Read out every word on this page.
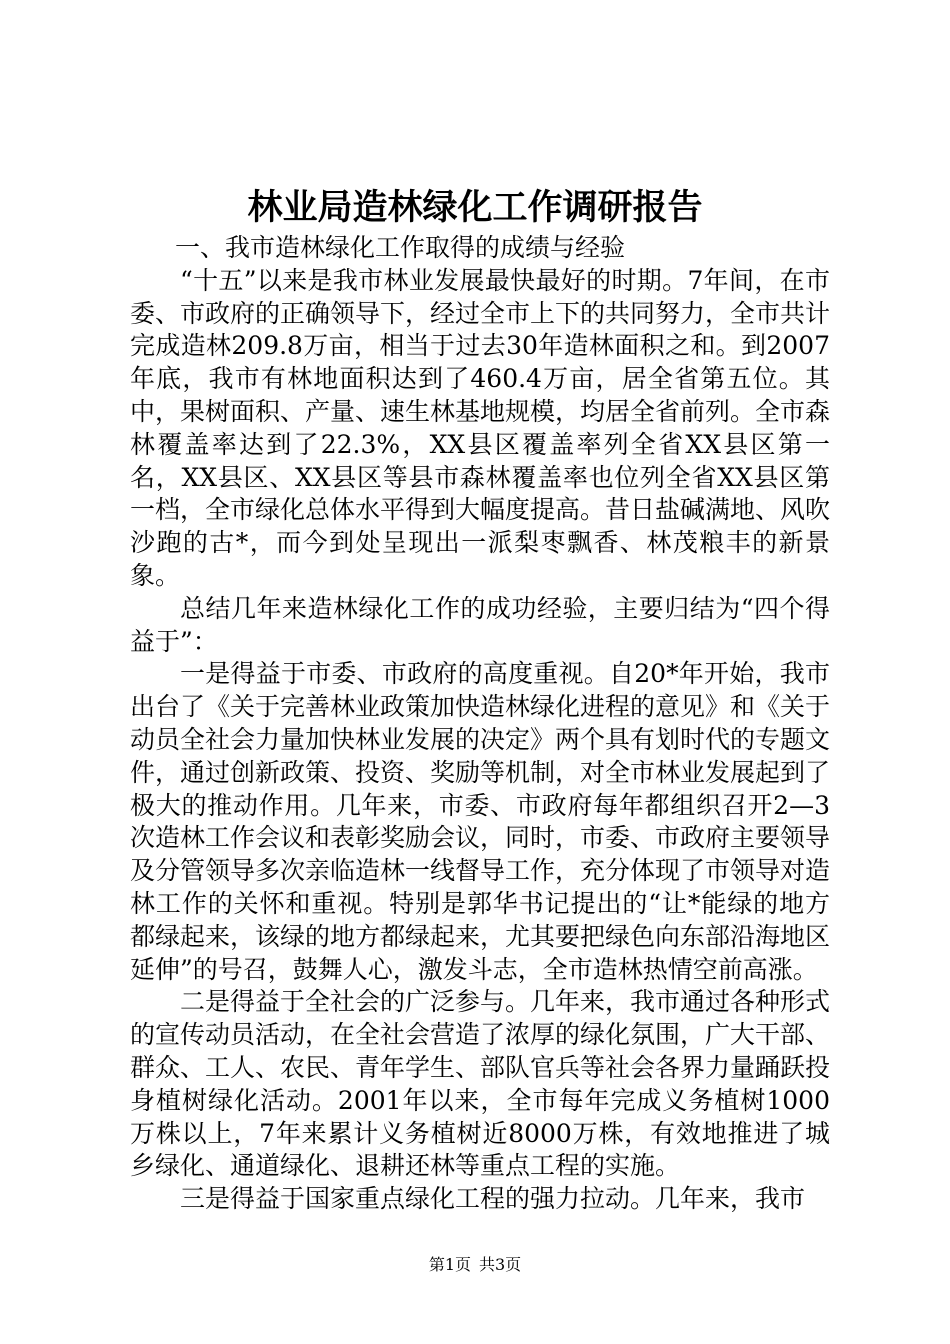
林业局造林绿化工作调研报告

一、我市造林绿化工作取得的成绩与经验

“十五”以来是我市林业发展最快最好的时期。7年间，在市委、市政府的正确领导下，经过全市上下的共同努力，全市共计完成造林209.8万亩，相当于过去30年造林面积之和。到2007年底，我市有林地面积达到了460.4万亩，居全省第五位。其中，果树面积、产量、速生林基地规模，均居全省前列。全市森林覆盖率达到了22.3%，XX县区覆盖率列全省XX县区第一名，XX县区、XX县区等县市森林覆盖率也位列全省XX县区第一档，全市绿化总体水平得到大幅度提高。昔日盐碱满地、风吹沙跑的古*，而今到处呈现出一派梨枣飘香、林茂粮丰的新景象。

总结几年来造林绿化工作的成功经验，主要归结为“四个得益于”：

一是得益于市委、市政府的高度重视。自20*年开始，我市出台了《关于完善林业政策加快造林绿化进程的意见》和《关于动员全社会力量加快林业发展的决定》两个具有划时代的专题文件，通过创新政策、投资、奖励等机制，对全市林业发展起到了极大的推动作用。几年来，市委、市政府每年都组织召开2—3次造林工作会议和表彰奖励会议，同时，市委、市政府主要领导及分管领导多次亲临造林一线督导工作，充分体现了市领导对造林工作的关怀和重视。特别是郭华书记提出的“让*能绿的地方都绿起来，该绿的地方都绿起来，尤其要把绿色向东部沿海地区延伸”的号召，鼓舞人心，激发斗志，全市造林热情空前高涨。

二是得益于全社会的广泛参与。几年来，我市通过各种形式的宣传动员活动，在全社会营造了浓厚的绿化氛围，广大干部、群众、工人、农民、青年学生、部队官兵等社会各界力量踊跃投身植树绿化活动。2001年以来，全市每年完成义务植树1000万株以上，7年来累计义务植树近8000万株，有效地推进了城乡绿化、通道绿化、退耕还林等重点工程的实施。

三是得益于国家重点绿化工程的强力拉动。几年来，我市

第1页 共3页
